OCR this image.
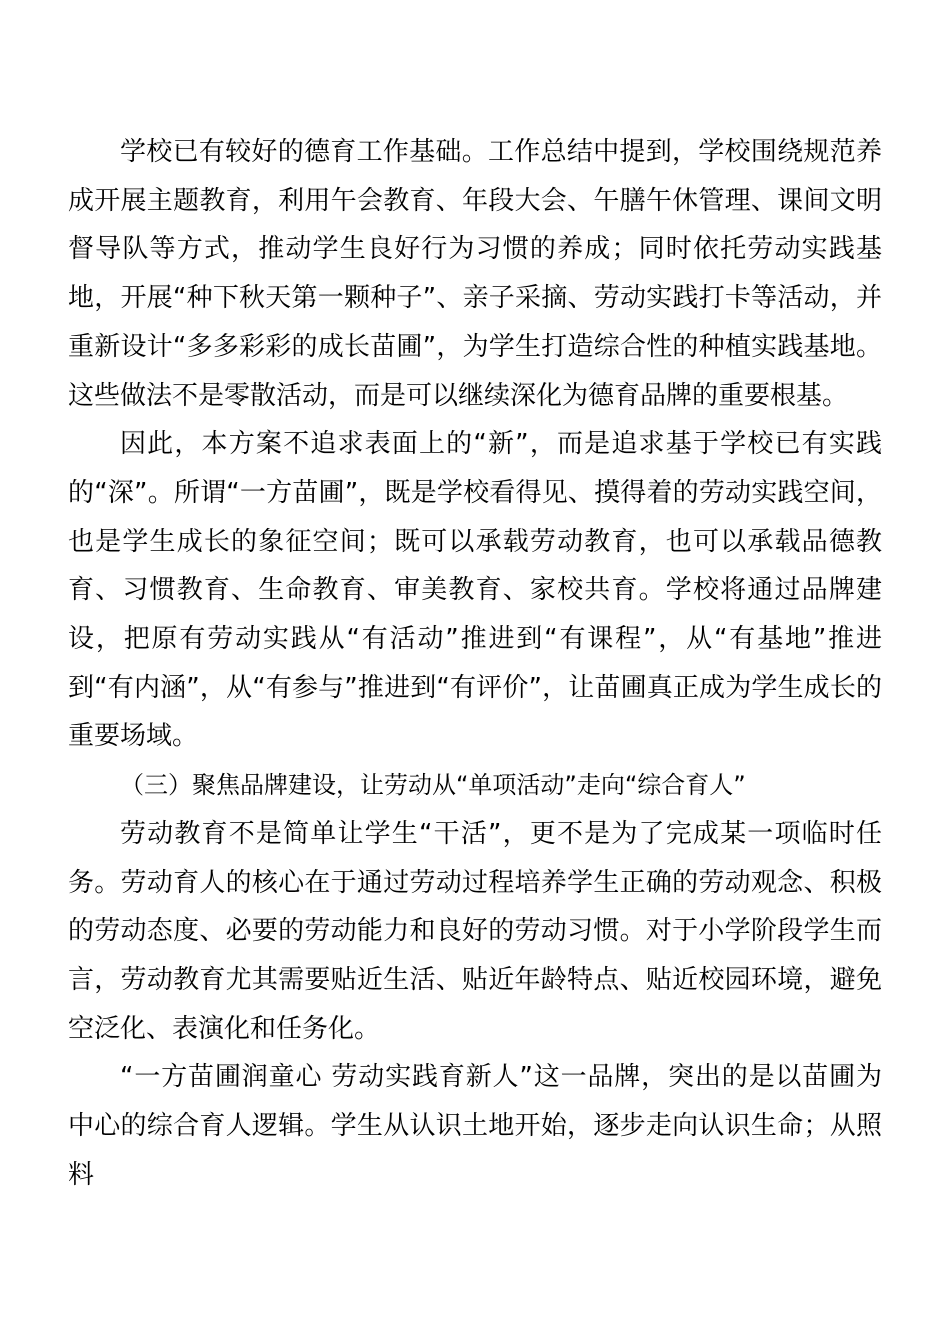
学校已有较好的德育工作基础。工作总结中提到，学校围绕规范养成开展主题教育，利用午会教育、年段大会、午膳午休管理、课间文明督导队等方式，推动学生良好行为习惯的养成；同时依托劳动实践基地，开展“种下秋天第一颗种子”、亲子采摘、劳动实践打卡等活动，并重新设计“多多彩彩的成长苗圃”，为学生打造综合性的种植实践基地。这些做法不是零散活动，而是可以继续深化为德育品牌的重要根基。

因此，本方案不追求表面上的“新”，而是追求基于学校已有实践的“深”。所谓“一方苗圃”，既是学校看得见、摸得着的劳动实践空间，也是学生成长的象征空间；既可以承载劳动教育，也可以承载品德教育、习惯教育、生命教育、审美教育、家校共育。学校将通过品牌建设，把原有劳动实践从“有活动”推进到“有课程”，从“有基地”推进到“有内涵”，从“有参与”推进到“有评价”，让苗圃真正成为学生成长的重要场域。

（三）聚焦品牌建设，让劳动从“单项活动”走向“综合育人”

劳动教育不是简单让学生“干活”，更不是为了完成某一项临时任务。劳动育人的核心在于通过劳动过程培养学生正确的劳动观念、积极的劳动态度、必要的劳动能力和良好的劳动习惯。对于小学阶段学生而言，劳动教育尤其需要贴近生活、贴近年龄特点、贴近校园环境，避免空泛化、表演化和任务化。

“一方苗圃润童心 劳动实践育新人”这一品牌，突出的是以苗圃为中心的综合育人逻辑。学生从认识土地开始，逐步走向认识生命；从照料
